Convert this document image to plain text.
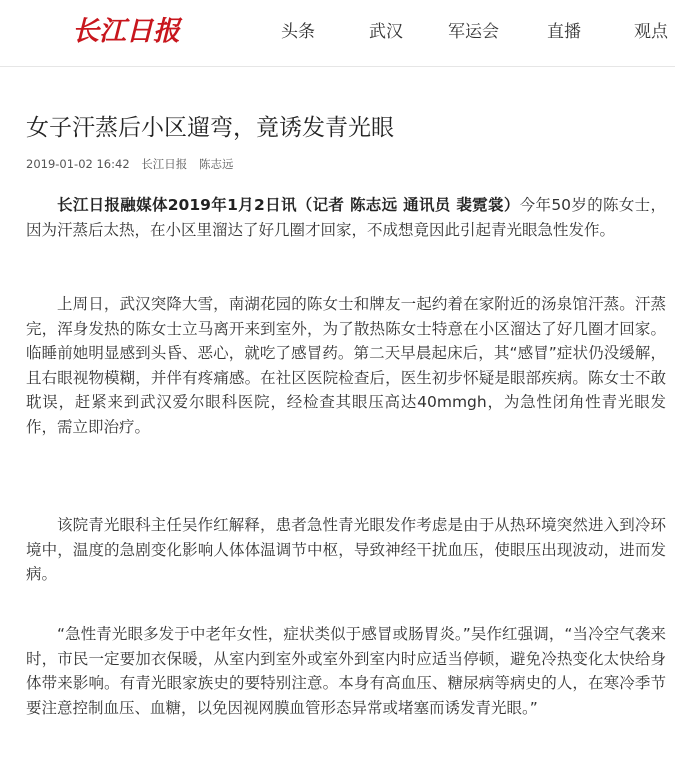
长江日报	头条	武汉	军运会	直播	观点
女子汗蒸后小区遛弯，竟诱发青光眼
2019-01-02 16:42 长江日报 陈志远

长江日报融媒体2019年1月2日讯（记者 陈志远 通讯员 裴霓裳）今年50岁的陈女士，因为汗蒸后太热，在小区里溜达了好几圈才回家，不成想竟因此引起青光眼急性发作。

上周日，武汉突降大雪，南湖花园的陈女士和牌友一起约着在家附近的汤泉馆汗蒸。汗蒸完，浑身发热的陈女士立马离开来到室外，为了散热陈女士特意在小区溜达了好几圈才回家。临睡前她明显感到头昏、恶心，就吃了感冒药。第二天早晨起床后，其“感冒”症状仍没缓解，且右眼视物模糊，并伴有疼痛感。在社区医院检查后，医生初步怀疑是眼部疾病。陈女士不敢耽误，赶紧来到武汉爱尔眼科医院，经检查其眼压高达40mmgh，为急性闭角性青光眼发作，需立即治疗。

该院青光眼科主任吴作红解释，患者急性青光眼发作考虑是由于从热环境突然进入到冷环境中，温度的急剧变化影响人体体温调节中枢，导致神经干扰血压，使眼压出现波动，进而发病。

“急性青光眼多发于中老年女性，症状类似于感冒或肠胃炎。”吴作红强调，“当冷空气袭来时，市民一定要加衣保暖，从室内到室外或室外到室内时应适当停顿，避免冷热变化太快给身体带来影响。有青光眼家族史的要特别注意。本身有高血压、糖尿病等病史的人，在寒冷季节要注意控制血压、血糖，以免因视网膜血管形态异常或堵塞而诱发青光眼。”
